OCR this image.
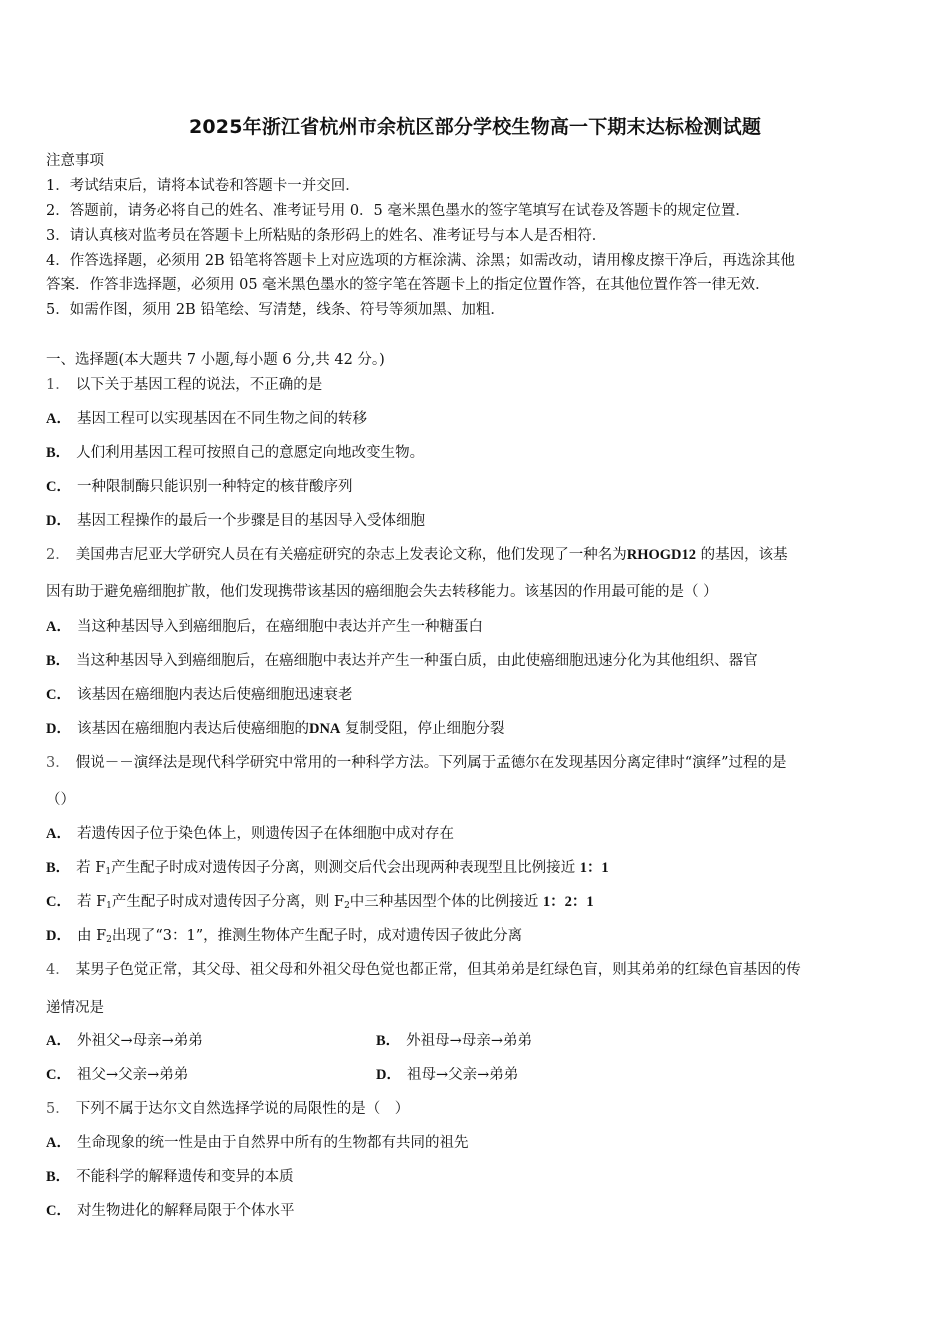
2025年浙江省杭州市余杭区部分学校生物高一下期末达标检测试题
注意事项
1．考试结束后，请将本试卷和答题卡一并交回．
2．答题前，请务必将自己的姓名、准考证号用 0．5 毫米黑色墨水的签字笔填写在试卷及答题卡的规定位置．
3．请认真核对监考员在答题卡上所粘贴的条形码上的姓名、准考证号与本人是否相符．
4．作答选择题，必须用 2B 铅笔将答题卡上对应选项的方框涂满、涂黑；如需改动，请用橡皮擦干净后，再选涂其他
答案．作答非选择题，必须用 05 毫米黑色墨水的签字笔在答题卡上的指定位置作答，在其他位置作答一律无效．
5．如需作图，须用 2B 铅笔绘、写清楚，线条、符号等须加黑、加粗．
一、选择题(本大题共 7 小题,每小题 6 分,共 42 分。)
1． 以下关于基因工程的说法，不正确的是
A． 基因工程可以实现基因在不同生物之间的转移
B． 人们利用基因工程可按照自己的意愿定向地改变生物。
C． 一种限制酶只能识别一种特定的核苷酸序列
D． 基因工程操作的最后一个步骤是目的基因导入受体细胞
2． 美国弗吉尼亚大学研究人员在有关癌症研究的杂志上发表论文称，他们发现了一种名为RHOGD12 的基因，该基
因有助于避免癌细胞扩散，他们发现携带该基因的癌细胞会失去转移能力。该基因的作用最可能的是（ ）
A． 当这种基因导入到癌细胞后，在癌细胞中表达并产生一种糖蛋白
B． 当这种基因导入到癌细胞后，在癌细胞中表达并产生一种蛋白质，由此使癌细胞迅速分化为其他组织、器官
C． 该基因在癌细胞内表达后使癌细胞迅速衰老
D． 该基因在癌细胞内表达后使癌细胞的DNA 复制受阻，停止细胞分裂
3． 假说－－演绎法是现代科学研究中常用的一种科学方法。下列属于孟德尔在发现基因分离定律时“演绎”过程的是
（）
A． 若遗传因子位于染色体上，则遗传因子在体细胞中成对存在
B． 若 $F_1$产生配子时成对遗传因子分离，则测交后代会出现两种表现型且比例接近 1：1
C． 若 $F_1$产生配子时成对遗传因子分离，则 $F_2$中三种基因型个体的比例接近 1：2：1
D． 由 $F_2$出现了“3：1”，推测生物体产生配子时，成对遗传因子彼此分离
4． 某男子色觉正常，其父母、祖父母和外祖父母色觉也都正常，但其弟弟是红绿色盲，则其弟弟的红绿色盲基因的传
递情况是
A． 外祖父→母亲→弟弟	B． 外祖母→母亲→弟弟
C． 祖父→父亲→弟弟	D． 祖母→父亲→弟弟
5． 下列不属于达尔文自然选择学说的局限性的是（　）
A． 生命现象的统一性是由于自然界中所有的生物都有共同的祖先
B． 不能科学的解释遗传和变异的本质
C． 对生物进化的解释局限于个体水平
